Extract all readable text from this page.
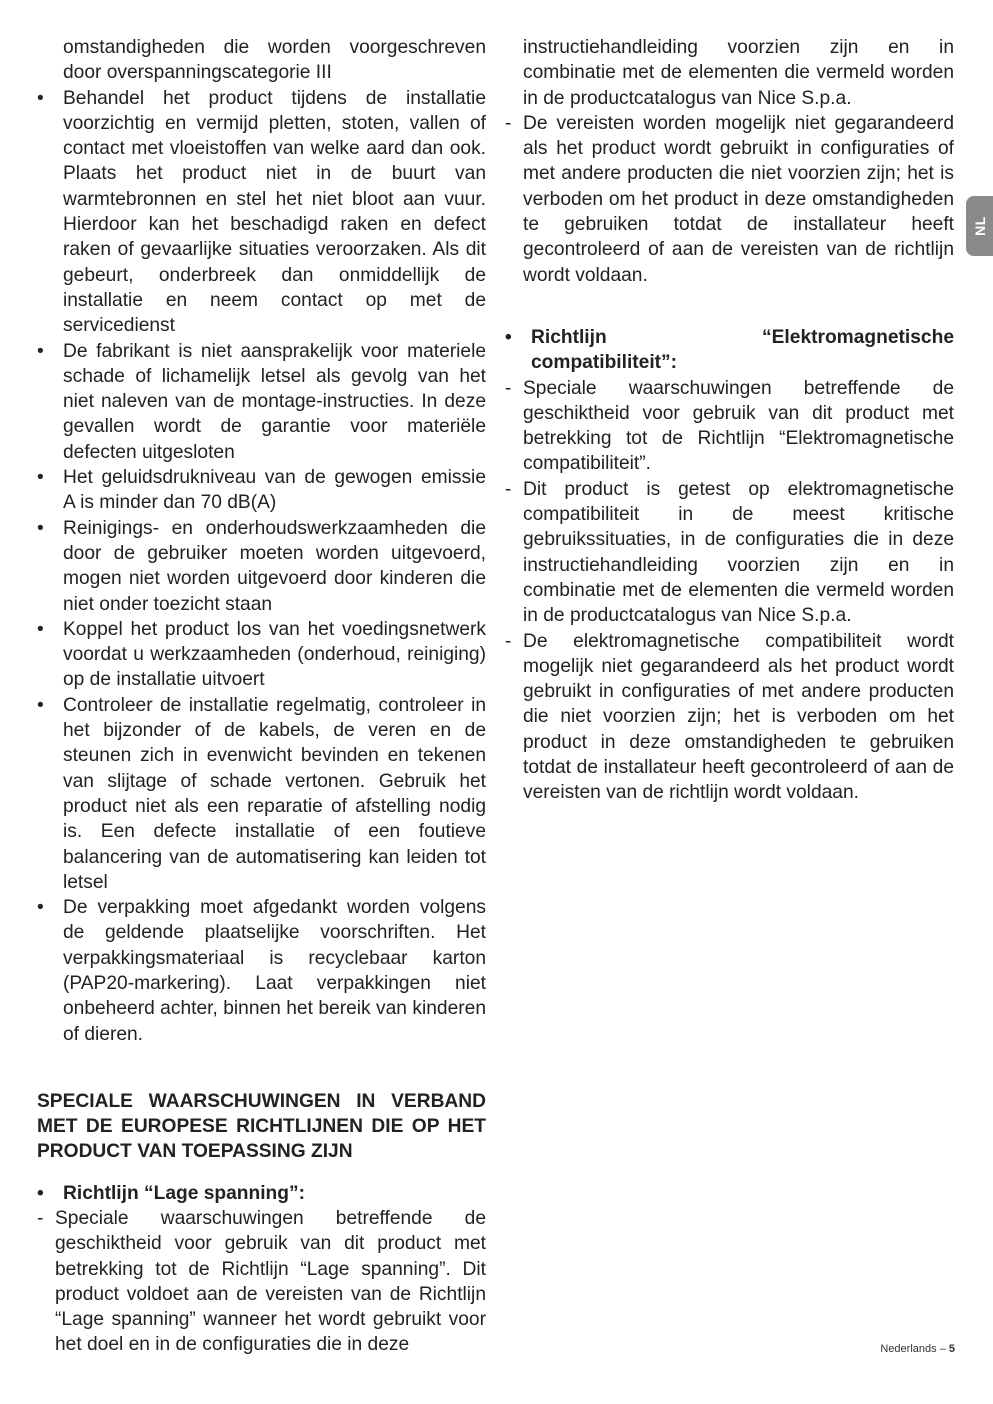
omstandigheden die worden voorgeschreven door overspanningscategorie III

• Behandel het product tijdens de installatie voorzichtig en vermijd pletten, stoten, vallen of contact met vloeistoffen van welke aard dan ook. Plaats het product niet in de buurt van warmtebronnen en stel het niet bloot aan vuur. Hierdoor kan het beschadigd raken en defect raken of gevaarlijke situaties veroorzaken. Als dit gebeurt, onderbreek dan onmiddellijk de installatie en neem contact op met de servicedienst
• De fabrikant is niet aansprakelijk voor materiele schade of lichamelijk letsel als gevolg van het niet naleven van de montage-instructies. In deze gevallen wordt de garantie voor materiële defecten uitgesloten
• Het geluidsdrukniveau van de gewogen emissie A is minder dan 70 dB(A)
• Reinigings- en onderhoudswerkzaamheden die door de gebruiker moeten worden uitgevoerd, mogen niet worden uitgevoerd door kinderen die niet onder toezicht staan
• Koppel het product los van het voedingsnetwerk voordat u werkzaamheden (onderhoud, reiniging) op de installatie uitvoert
• Controleer de installatie regelmatig, controleer in het bijzonder of de kabels, de veren en de steunen zich in evenwicht bevinden en tekenen van slijtage of schade vertonen. Gebruik het product niet als een reparatie of afstelling nodig is. Een defecte installatie of een foutieve balancering van de automatisering kan leiden tot letsel
• De verpakking moet afgedankt worden volgens de geldende plaatselijke voorschriften. Het verpakkingsmateriaal is recyclebaar karton (PAP20-markering). Laat verpakkingen niet onbeheerd achter, binnen het bereik van kinderen of dieren.
SPECIALE WAARSCHUWINGEN IN VERBAND MET DE EUROPESE RICHTLIJNEN DIE OP HET PRODUCT VAN TOEPASSING ZIJN
• Richtlijn “Lage spanning”:
- Speciale waarschuwingen betreffende de geschiktheid voor gebruik van dit product met betrekking tot de Richtlijn “Lage spanning”. Dit product voldoet aan de vereisten van de Richtlijn “Lage spanning” wanneer het wordt gebruikt voor het doel en in de configuraties die in deze

instructiehandleiding voorzien zijn en in combinatie met de elementen die vermeld worden in de productcatalogus van Nice S.p.a.

- De vereisten worden mogelijk niet gegarandeerd als het product wordt gebruikt in configuraties of met andere producten die niet voorzien zijn; het is verboden om het product in deze omstandigheden te gebruiken totdat de installateur heeft gecontroleerd of aan de vereisten van de richtlijn wordt voldaan.
• Richtlijn “Elektromagnetische compatibiliteit”:
- Speciale waarschuwingen betreffende de geschiktheid voor gebruik van dit product met betrekking tot de Richtlijn “Elektromagnetische compatibiliteit”.
- Dit product is getest op elektromagnetische compatibiliteit in de meest kritische gebruikssituaties, in de configuraties die in deze instructiehandleiding voorzien zijn en in combinatie met de elementen die vermeld worden in de productcatalogus van Nice S.p.a.
- De elektromagnetische compatibiliteit wordt mogelijk niet gegarandeerd als het product wordt gebruikt in configuraties of met andere producten die niet voorzien zijn; het is verboden om het product in deze omstandigheden te gebruiken totdat de installateur heeft gecontroleerd of aan de vereisten van de richtlijn wordt voldaan.
NL
Nederlands – 5
